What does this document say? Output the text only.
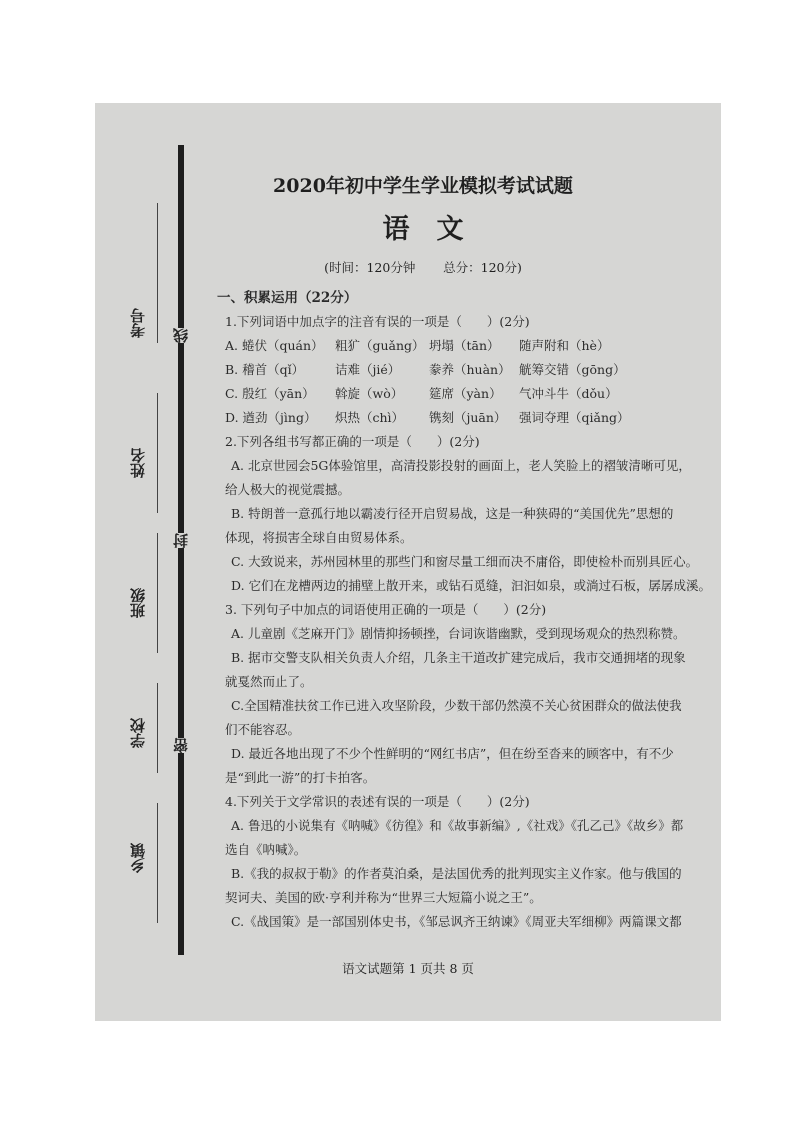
考号
姓名
班级
学校
乡镇
线
封
密
2020年初中学生学业模拟考试试题
语　文
(时间：120分钟 总分：120分)

一、积累运用（22分）

1.下列词语中加点字的注音有误的一项是（　　）(2分)

A. 蜷伏（quán） 粗犷（guǎng） 坍塌（tān）	随声附和（hè）

B. 稽首（qǐ）	诘难（jié）	豢养（huàn） 觥筹交错（gōng）

C. 殷红（yān）	斡旋（wò）	筵席（yàn）	气冲斗牛（dǒu）

D. 遒劲（jìng）	炽热（chì）	镌刻（juān）	强词夺理（qiǎng）

2.下列各组书写都正确的一项是（　　）(2分)

A. 北京世园会5G体验馆里，高清投影投射的画面上，老人笑脸上的褶皱清晰可见，

给人极大的视觉震撼。

B. 特朗普一意孤行地以霸凌行径开启贸易战，这是一种狭碍的“美国优先”思想的

体现，将损害全球自由贸易体系。

C. 大致说来，苏州园林里的那些门和窗尽量工细而决不庸俗，即使检朴而别具匠心。

D. 它们在龙槽两边的捕壁上散开来，或钻石觅缝，汩汩如泉，或淌过石板，孱孱成溪。

3. 下列句子中加点的词语使用正确的一项是（　　）(2分)

A. 儿童剧《芝麻开门》剧情抑扬顿挫，台词诙谐幽默，受到现场观众的热烈称赞。

B. 据市交警支队相关负责人介绍，几条主干道改扩建完成后，我市交通拥堵的现象

就戛然而止了。

C.全国精准扶贫工作已进入攻坚阶段，少数干部仍然漠不关心贫困群众的做法使我

们不能容忍。

D. 最近各地出现了不少个性鲜明的“网红书店”，但在纷至沓来的顾客中，有不少

是“到此一游”的打卡拍客。

4.下列关于文学常识的表述有误的一项是（　　）(2分)

A. 鲁迅的小说集有《呐喊》《彷徨》和《故事新编》,《社戏》《孔乙己》《故乡》都

选自《呐喊》。

B.《我的叔叔于勒》的作者莫泊桑，是法国优秀的批判现实主义作家。他与俄国的

契诃夫、美国的欧·亨利并称为“世界三大短篇小说之王”。

C.《战国策》是一部国别体史书，《邹忌讽齐王纳谏》《周亚夫军细柳》两篇课文都

语文试题第 1 页共 8 页
